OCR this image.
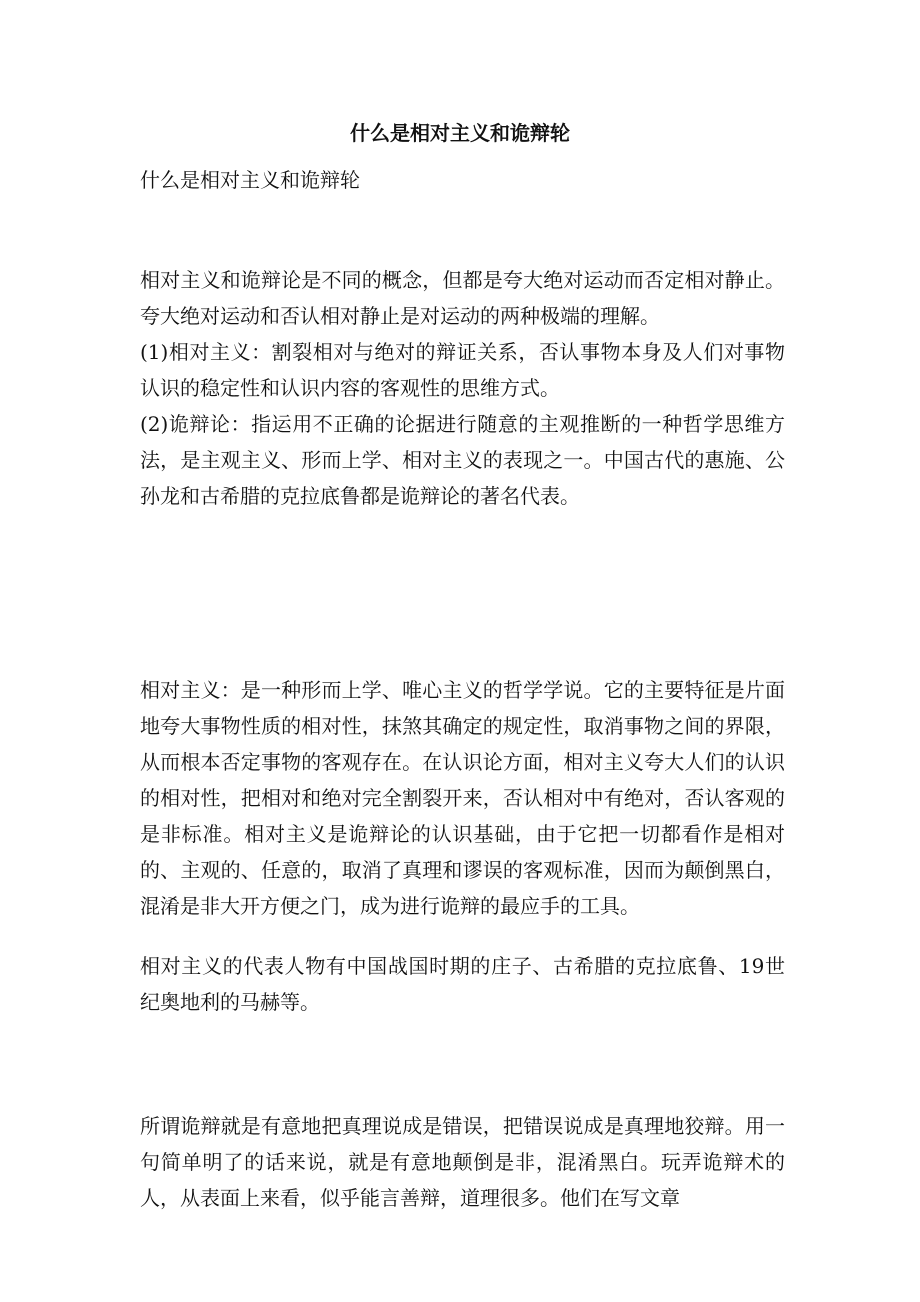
什么是相对主义和诡辩轮

什么是相对主义和诡辩轮

相对主义和诡辩论是不同的概念，但都是夸大绝对运动而否定相对静止。夸大绝对运动和否认相对静止是对运动的两种极端的理解。

(1)相对主义：割裂相对与绝对的辩证关系，否认事物本身及人们对事物认识的稳定性和认识内容的客观性的思维方式。

(2)诡辩论：指运用不正确的论据进行随意的主观推断的一种哲学思维方法，是主观主义、形而上学、相对主义的表现之一。中国古代的惠施、公孙龙和古希腊的克拉底鲁都是诡辩论的著名代表。

相对主义：是一种形而上学、唯心主义的哲学学说。它的主要特征是片面地夸大事物性质的相对性，抹煞其确定的规定性，取消事物之间的界限，从而根本否定事物的客观存在。在认识论方面，相对主义夸大人们的认识的相对性，把相对和绝对完全割裂开来，否认相对中有绝对，否认客观的是非标准。相对主义是诡辩论的认识基础，由于它把一切都看作是相对的、主观的、任意的，取消了真理和谬误的客观标准，因而为颠倒黑白，混淆是非大开方便之门，成为进行诡辩的最应手的工具。

相对主义的代表人物有中国战国时期的庄子、古希腊的克拉底鲁、19世纪奥地利的马赫等。

所谓诡辩就是有意地把真理说成是错误，把错误说成是真理地狡辩。用一句简单明了的话来说，就是有意地颠倒是非，混淆黑白。玩弄诡辩术的人，从表面上来看，似乎能言善辩，道理很多。他们在写文章
